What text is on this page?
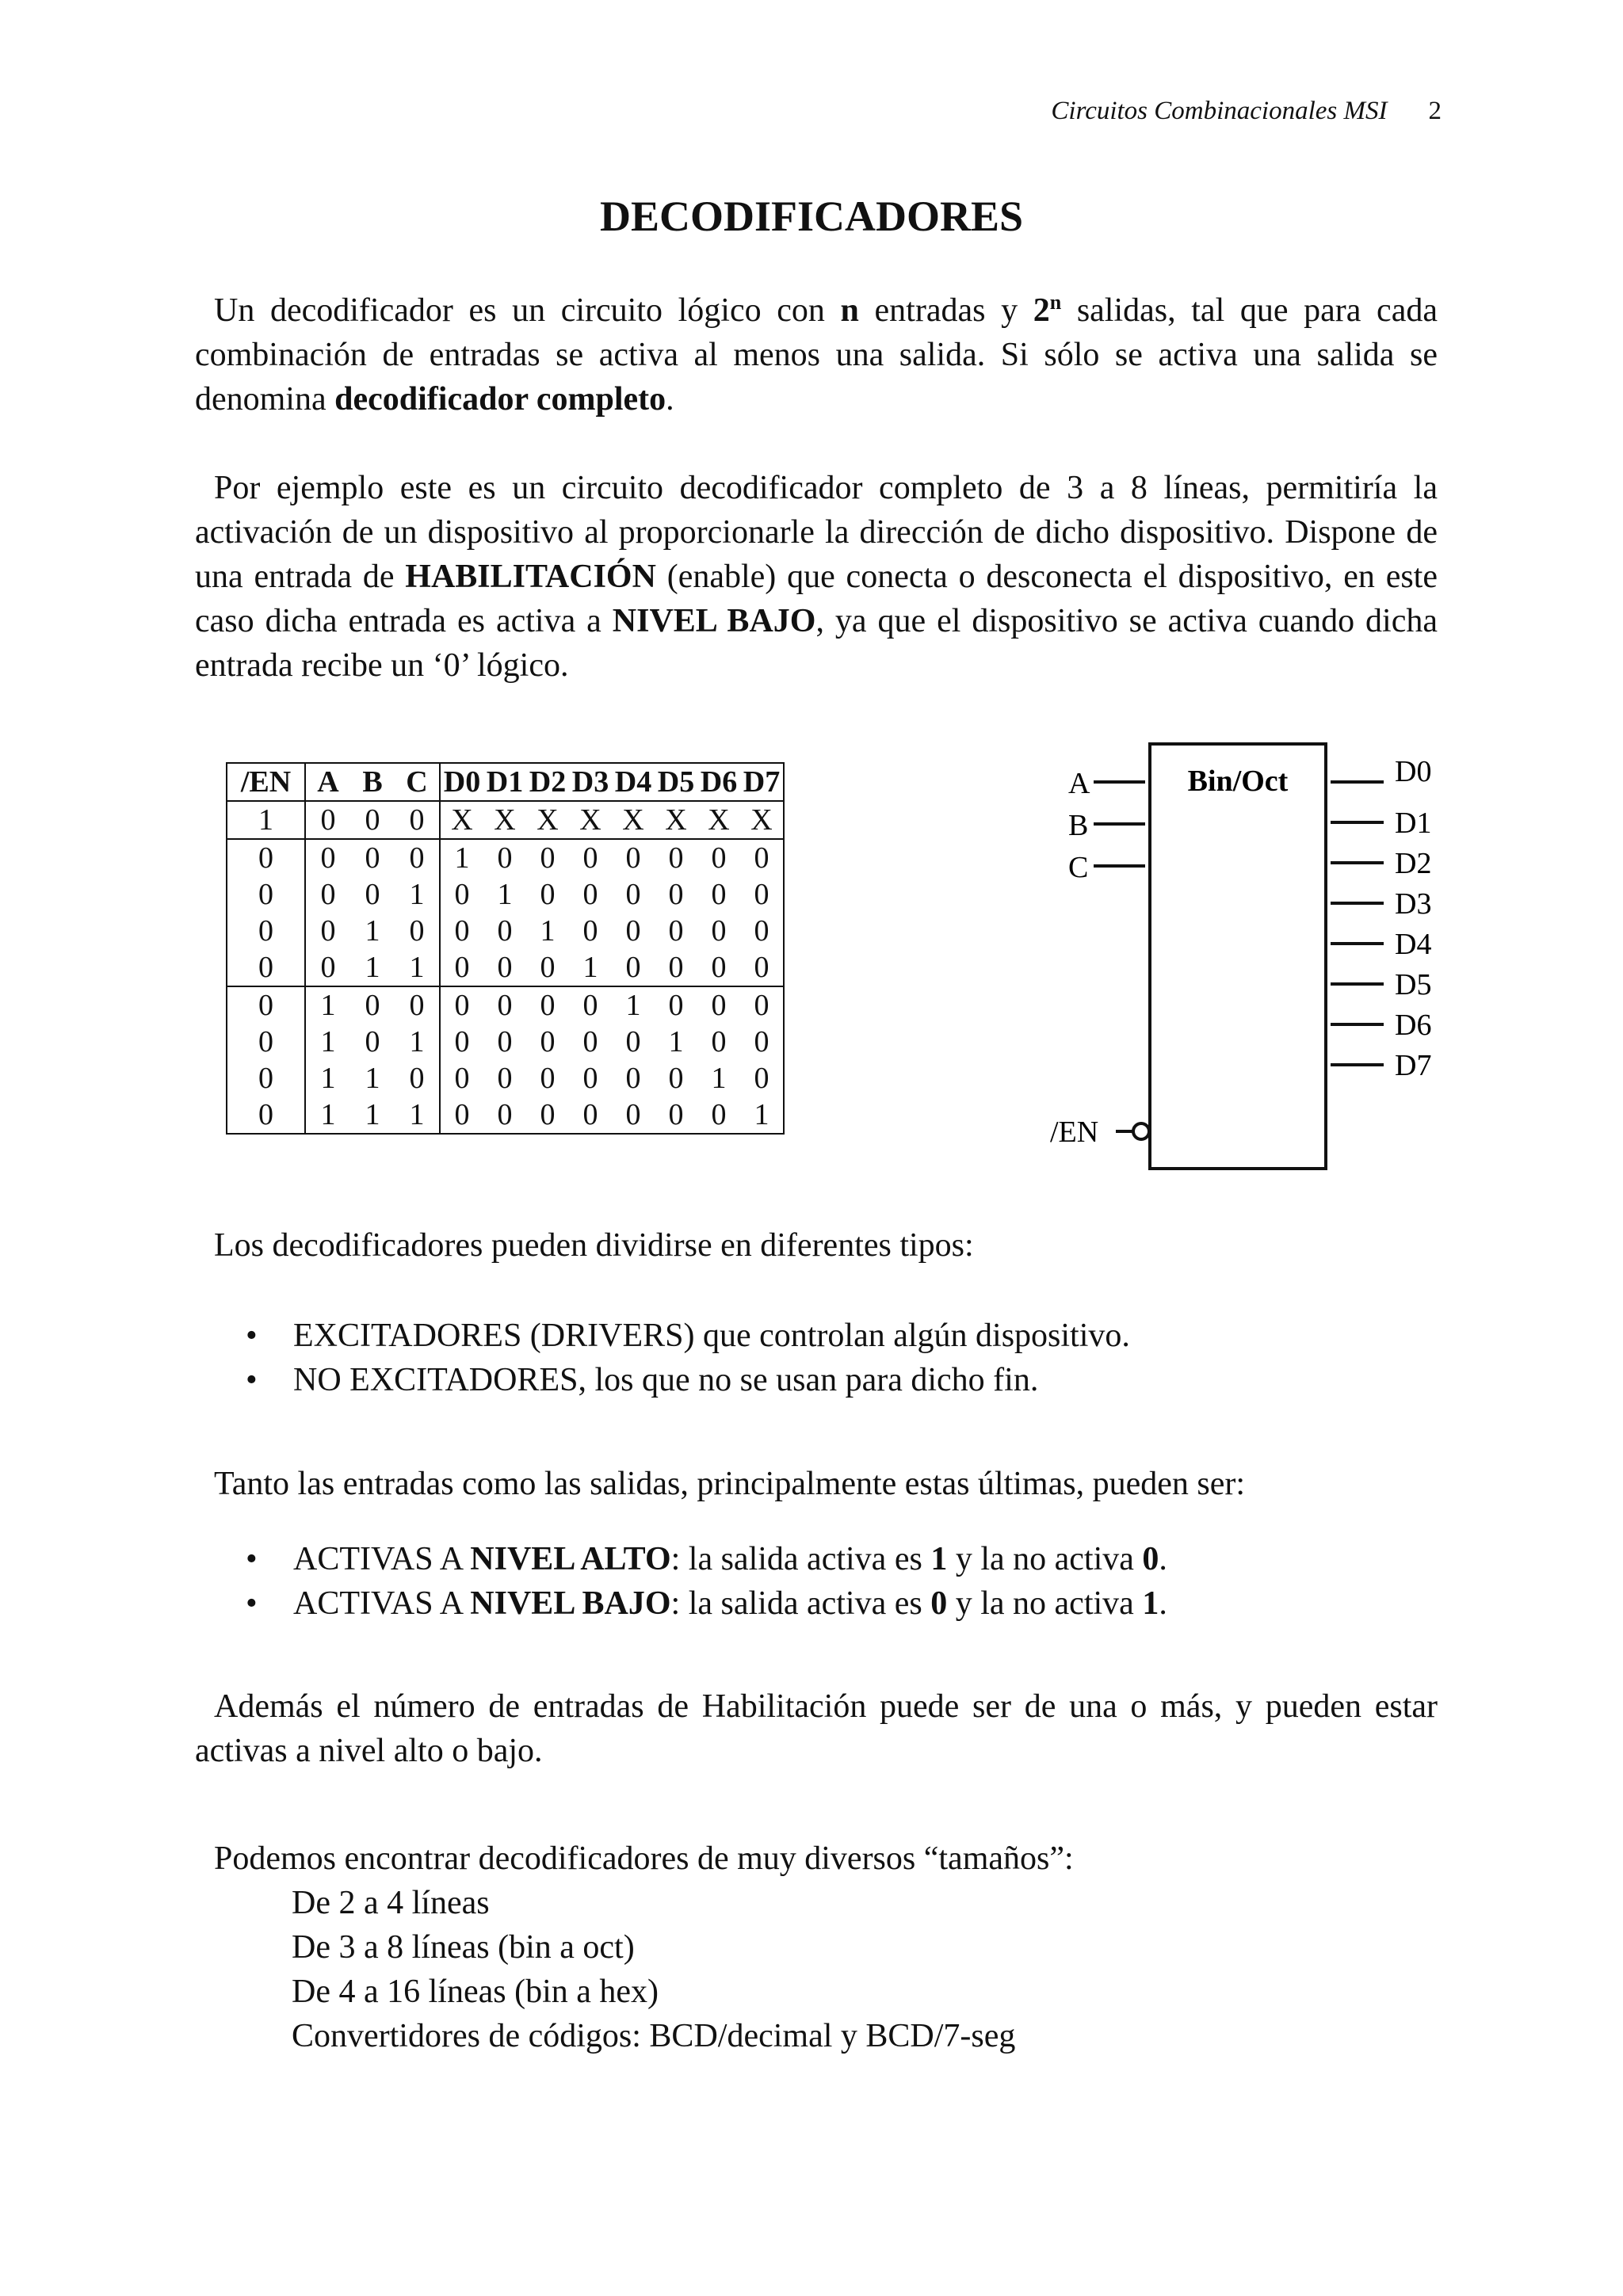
Circuitos Combinacionales MSI 2
DECODIFICADORES
Un decodificador es un circuito lógico con n entradas y 2$^n$ salidas, tal que para cada combinación de entradas se activa al menos una salida. Si sólo se activa una salida se denomina decodificador completo.
Por ejemplo este es un circuito decodificador completo de 3 a 8 líneas, permitiría la activación de un dispositivo al proporcionarle la dirección de dicho dispositivo. Dispone de una entrada de HABILITACIÓN (enable) que conecta o desconecta el dispositivo, en este caso dicha entrada es activa a NIVEL BAJO, ya que el dispositivo se activa cuando dicha entrada recibe un ‘0’ lógico.
/EN	A	B	C	D0	D1	D2	D3	D4	D5	D6	D7
1	0	0	0	X	X	X	X	X	X	X	X
0	0	0	0	1	0	0	0	0	0	0	0
0	0	0	1	0	1	0	0	0	0	0	0
0	0	1	0	0	0	1	0	0	0	0	0
0	0	1	1	0	0	0	1	0	0	0	0
0	1	0	0	0	0	0	0	1	0	0	0
0	1	0	1	0	0	0	0	0	1	0	0
0	1	1	0	0	0	0	0	0	0	1	0
0	1	1	1	0	0	0	0	0	0	0	1
Bin/Oct
A
B
C
D0
D1
D2
D3
D4
D5
D6
D7
/EN
Los decodificadores pueden dividirse en diferentes tipos:
• EXCITADORES (DRIVERS) que controlan algún dispositivo.
• NO EXCITADORES, los que no se usan para dicho fin.
Tanto las entradas como las salidas, principalmente estas últimas, pueden ser:
• ACTIVAS A NIVEL ALTO: la salida activa es 1 y la no activa 0.
• ACTIVAS A NIVEL BAJO: la salida activa es 0 y la no activa 1.
Además el número de entradas de Habilitación puede ser de una o más, y pueden estar activas a nivel alto o bajo.
Podemos encontrar decodificadores de muy diversos “tamaños”:
De 2 a 4 líneas
De 3 a 8 líneas (bin a oct)
De 4 a 16 líneas (bin a hex)
Convertidores de códigos: BCD/decimal y BCD/7-seg
